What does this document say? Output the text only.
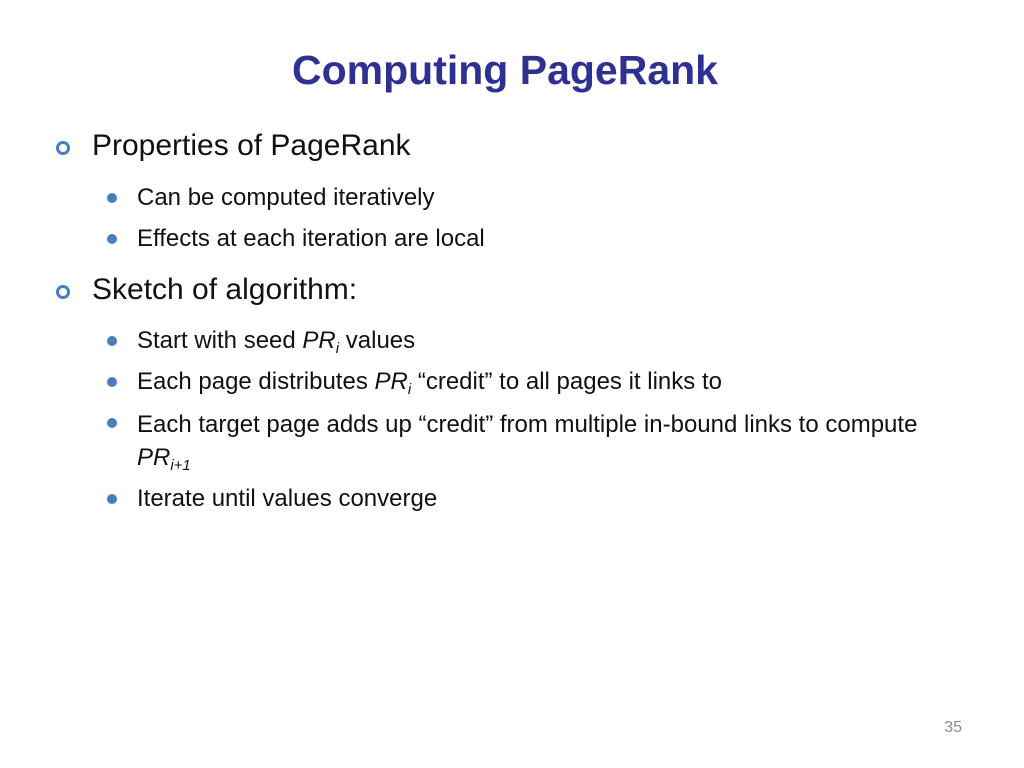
Computing PageRank
Properties of PageRank
Can be computed iteratively
Effects at each iteration are local
Sketch of algorithm:
Start with seed $PR_i$ values
Each page distributes $PR_i$ “credit” to all pages it links to
Each target page adds up “credit” from multiple in-bound links to compute $PR_{i+1}$
Iterate until values converge
35
